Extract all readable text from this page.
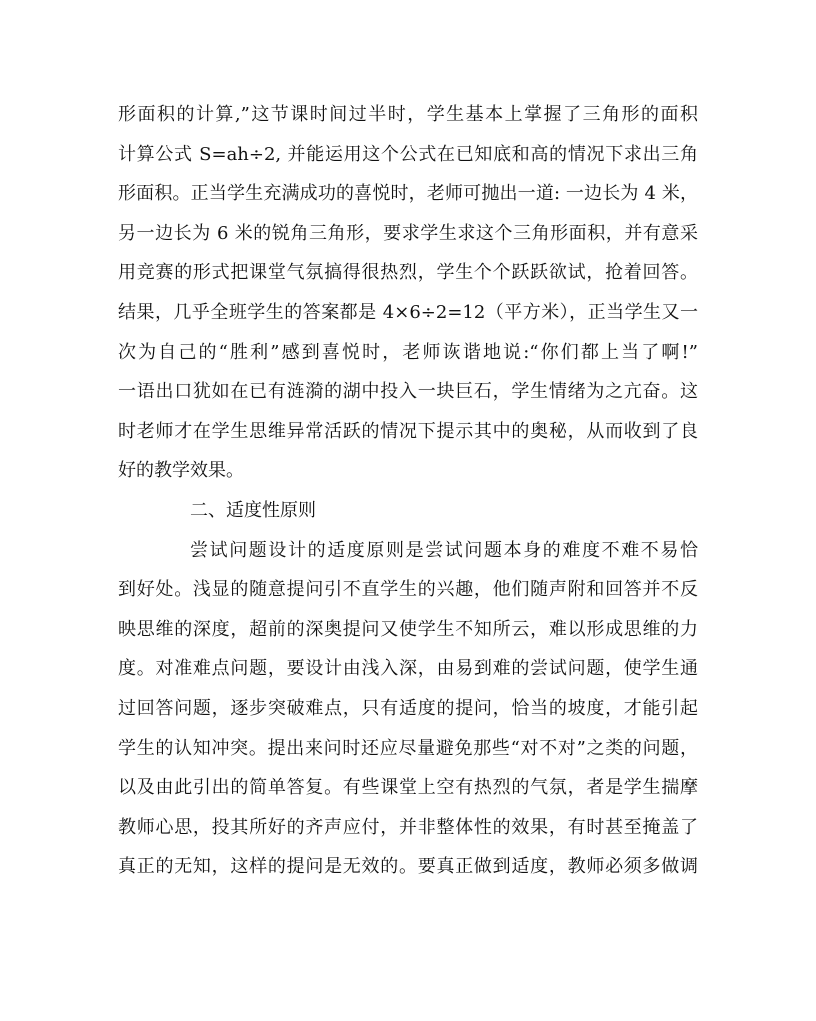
形面积的计算,”这节课时间过半时，学生基本上掌握了三角形的面积
计算公式 S=ah÷2, 并能运用这个公式在已知底和高的情况下求出三角
形面积。正当学生充满成功的喜悦时，老师可抛出一道: 一边长为 4 米，
另一边长为 6 米的锐角三角形，要求学生求这个三角形面积，并有意采
用竞赛的形式把课堂气氛搞得很热烈，学生个个跃跃欲试，抢着回答。
结果，几乎全班学生的答案都是 4×6÷2=12（平方米），正当学生又一
次为自己的“胜利”感到喜悦时，老师诙谐地说:“你们都上当了啊!”
一语出口犹如在已有涟漪的湖中投入一块巨石，学生情绪为之亢奋。这
时老师才在学生思维异常活跃的情况下提示其中的奥秘，从而收到了良
好的教学效果。
二、适度性原则
尝试问题设计的适度原则是尝试问题本身的难度不难不易恰
到好处。浅显的随意提问引不直学生的兴趣，他们随声附和回答并不反
映思维的深度，超前的深奥提问又使学生不知所云，难以形成思维的力
度。对准难点问题，要设计由浅入深，由易到难的尝试问题，使学生通
过回答问题，逐步突破难点，只有适度的提问，恰当的坡度，才能引起
学生的认知冲突。提出来问时还应尽量避免那些“对不对”之类的问题，
以及由此引出的简单答复。有些课堂上空有热烈的气氛，者是学生揣摩
教师心思，投其所好的齐声应付，并非整体性的效果，有时甚至掩盖了
真正的无知，这样的提问是无效的。要真正做到适度，教师必须多做调
